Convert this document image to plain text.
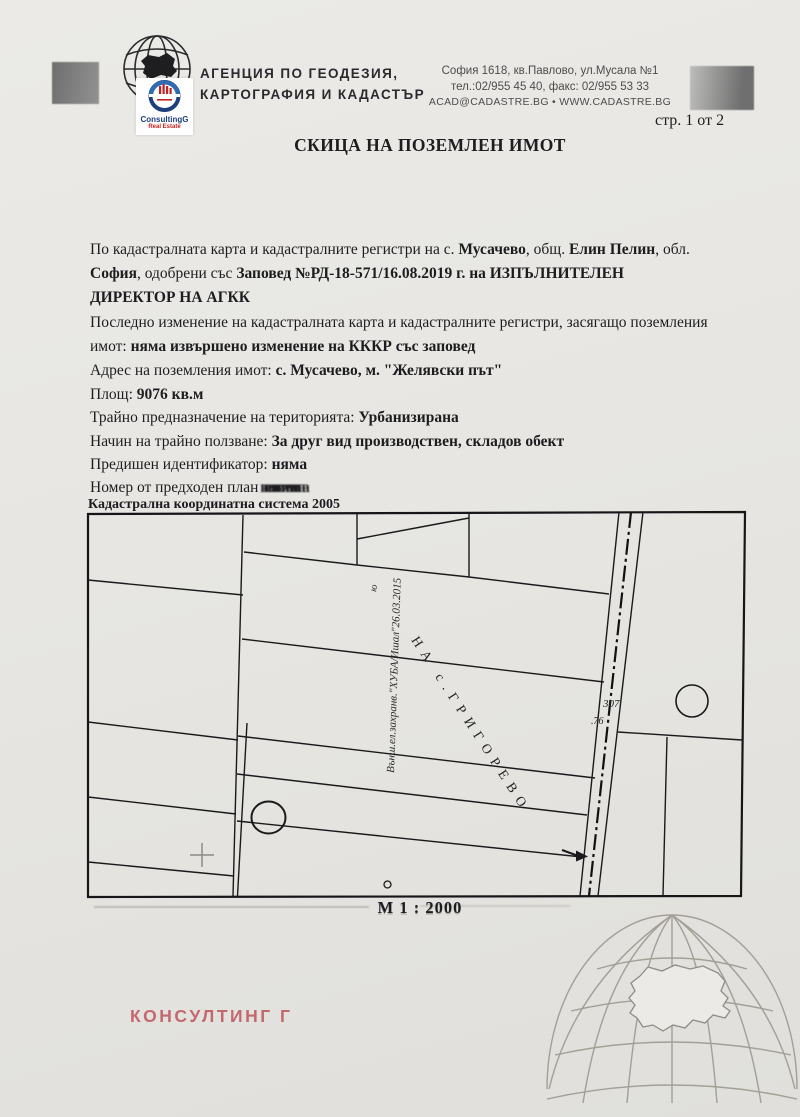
АГЕНЦИЯ ПО ГЕОДЕЗИЯ,
КАРТОГРАФИЯ И КАДАСТЪР
ConsultingG
Real Estate
София 1618, кв.Павлово, ул.Мусала №1
тел.:02/955 45 40, факс: 02/955 53 33
ACAD@CADASTRE.BG • WWW.CADASTRE.BG
стр. 1 от 2
СКИЦА НА ПОЗЕМЛЕН ИМОТ
По кадастралната карта и кадастралните регистри на с. Мусачево, общ. Елин Пелин, обл.
София, одобрени със Заповед №РД-18-571/16.08.2019 г. на ИЗПЪЛНИТЕЛЕН
ДИРЕКТОР НА АГКК
Последно изменение на кадастралната карта и кадастралните регистри, засягащо поземления
имот: няма извършено изменение на КККР със заповед
Адрес на поземления имот: с. Мусачево, м. "Желявски път"
Площ: 9076 кв.м
Трайно предназначение на територията: Урбанизирана
Начин на трайно ползване: За друг вид производствен, складов обект
Предишен идентификатор: няма
Номер от предходен план няма
Кадастрална координатна система 2005
307
.76
НА с.ГРИГОРЕВО
Външ.ел.захранв."ХУБА/Ишал"26.03.2015
ю
М 1 : 2000
КОНСУЛТИНГ Г
